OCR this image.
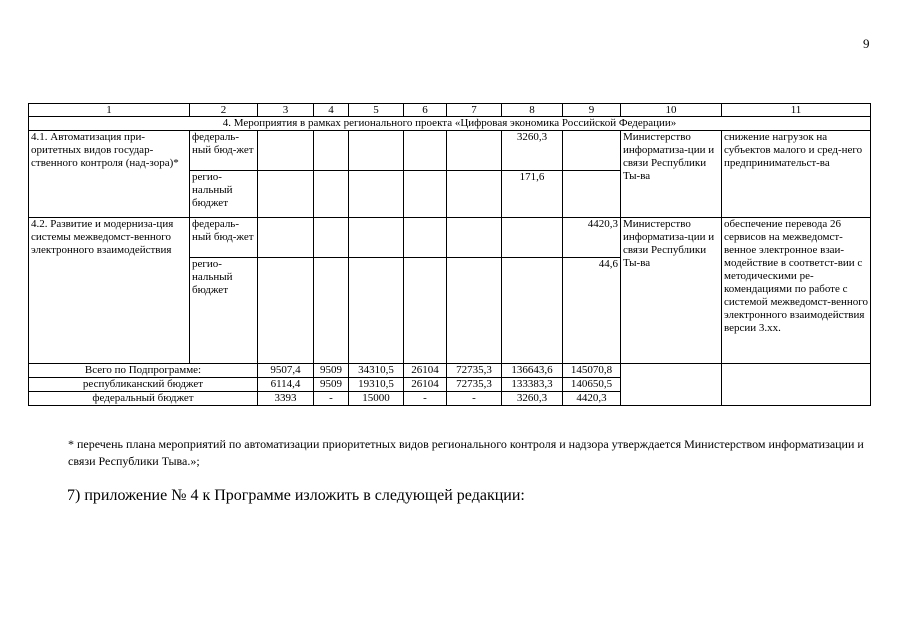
9
1	2	3	4	5	6	7	8	9	10	11
4. Мероприятия в рамках регионального проекта «Цифровая экономика Российской Федерации»										
4.1. Автоматизация при-оритетных видов государ-ственного контроля (над-зора)*	федераль-ный бюд-жет						3260,3		Министерство информатиза-ции и связи Республики Ты-ва	снижение нагрузок на субъектов малого и сред-него предпринимательст-ва
	регио-нальный бюджет						171,6			
4.2. Развитие и модерниза-ция системы межведомст-венного электронного взаимодействия	федераль-ный бюд-жет							4420,3	Министерство информатиза-ции и связи Республики Ты-ва	обеспечение перевода 26 сервисов на межведомст-венное электронное взаи-модействие в соответст-вии с методическими ре-комендациями по работе с системой межведомст-венного электронного взаимодействия версии 3.хх.
	регио-нальный бюджет							44,6		
Всего по Подпрограмме:		9507,4	9509	34310,5	26104	72735,3	136643,6	145070,8		
республиканский бюджет		6114,4	9509	19310,5	26104	72735,3	133383,3	140650,5		
федеральный бюджет		3393	-	15000	-	-	3260,3	4420,3		
* перечень плана мероприятий по автоматизации приоритетных видов регионального контроля и надзора утверждается Министерством информатизации и связи Республики Тыва.»;
7) приложение № 4 к Программе изложить в следующей редакции:
